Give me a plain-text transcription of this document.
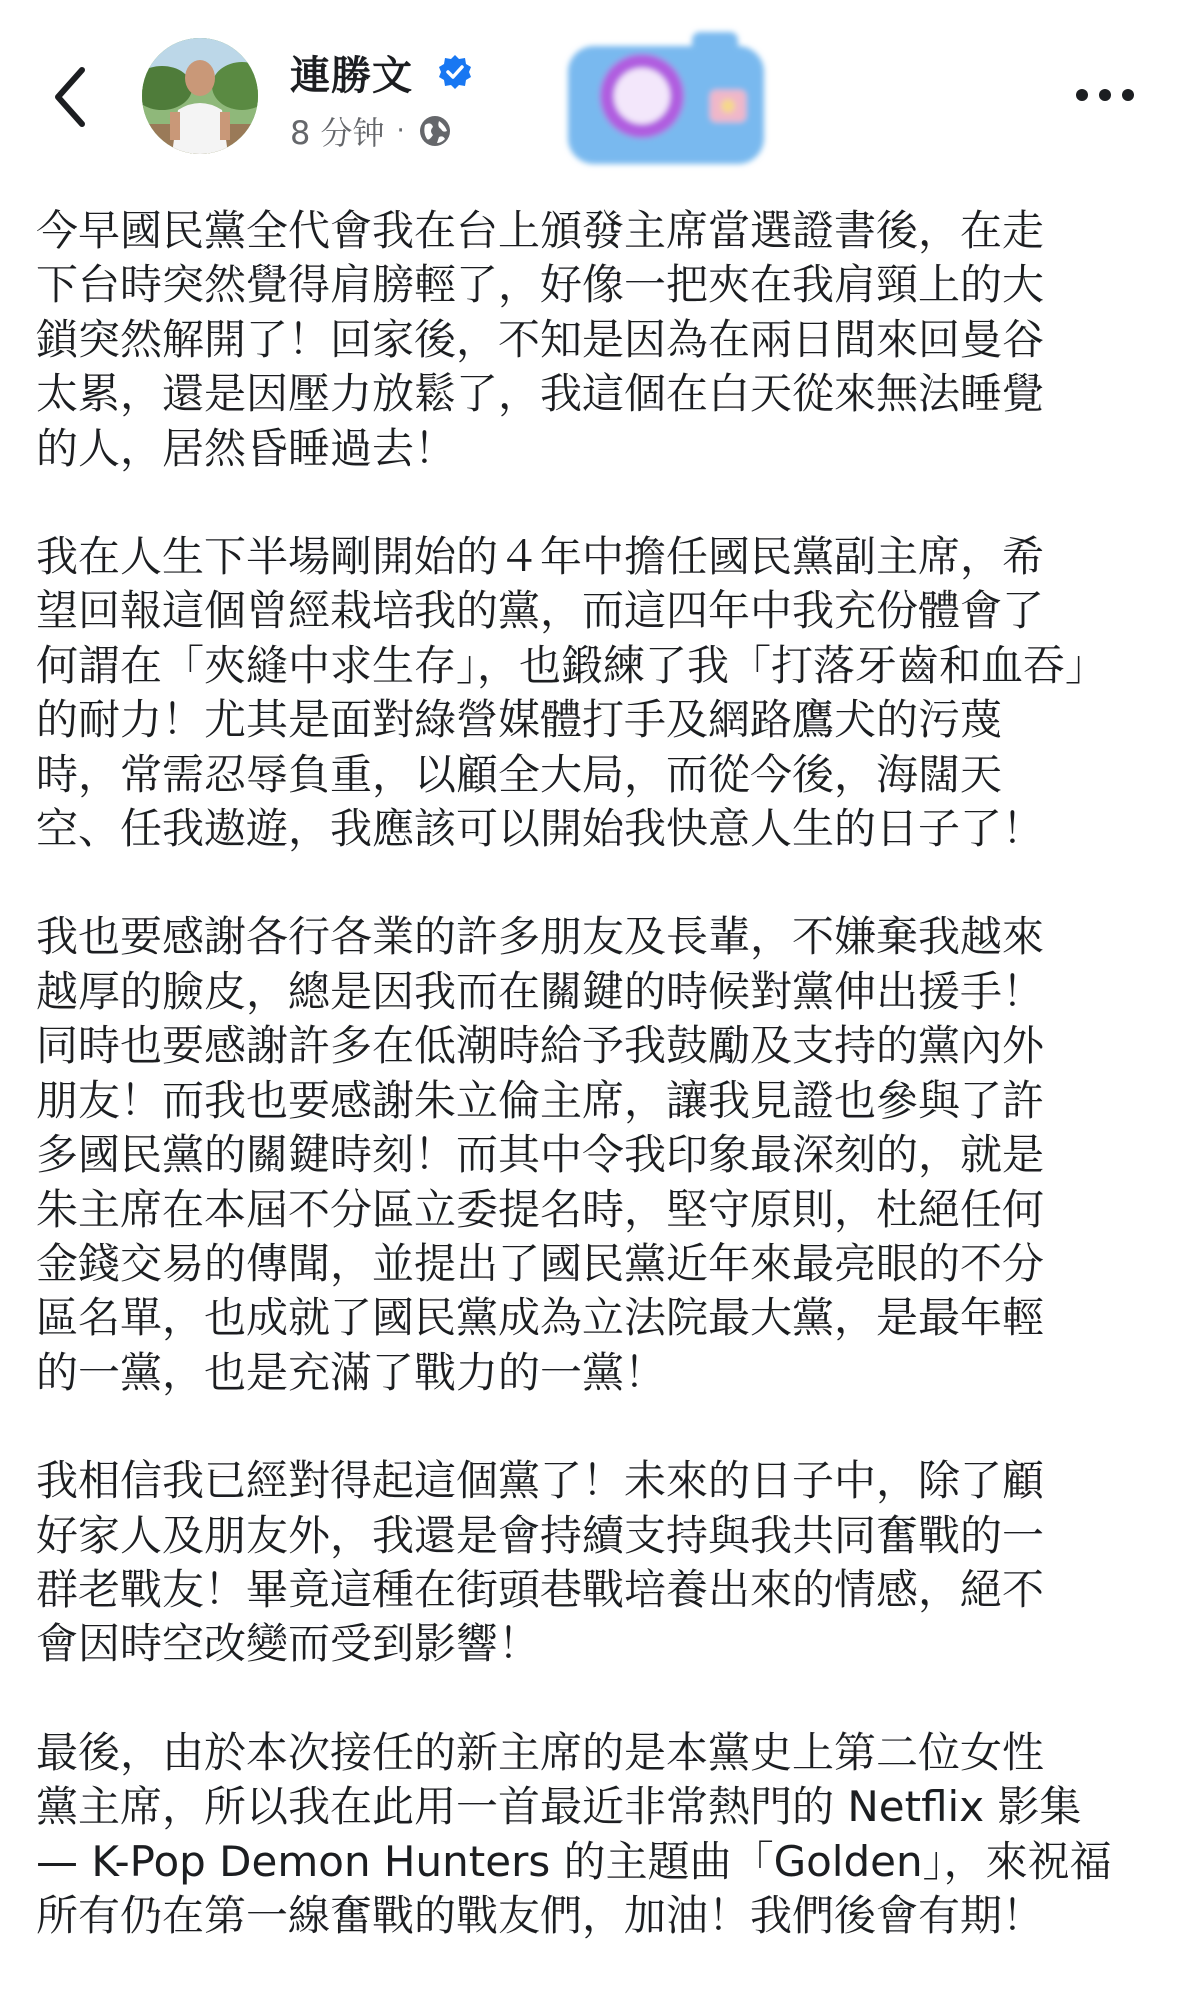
連勝文
8 分钟 ·
今早國民黨全代會我在台上頒發主席當選證書後，在走
下台時突然覺得肩膀輕了，好像一把夾在我肩頸上的大
鎖突然解開了！回家後，不知是因為在兩日間來回曼谷
太累，還是因壓力放鬆了，我這個在白天從來無法睡覺
的人，居然昏睡過去！
我在人生下半場剛開始的４年中擔任國民黨副主席，希
望回報這個曾經栽培我的黨，而這四年中我充份體會了
何謂在「夾縫中求生存」，也鍛練了我「打落牙齒和血吞」
的耐力！尤其是面對綠營媒體打手及網路鷹犬的污蔑
時，常需忍辱負重，以顧全大局，而從今後，海闊天
空、任我遨遊，我應該可以開始我快意人生的日子了！
我也要感謝各行各業的許多朋友及長輩，不嫌棄我越來
越厚的臉皮，總是因我而在關鍵的時候對黨伸出援手！
同時也要感謝許多在低潮時給予我鼓勵及支持的黨內外
朋友！而我也要感謝朱立倫主席，讓我見證也參與了許
多國民黨的關鍵時刻！而其中令我印象最深刻的，就是
朱主席在本屆不分區立委提名時，堅守原則，杜絕任何
金錢交易的傳聞，並提出了國民黨近年來最亮眼的不分
區名單，也成就了國民黨成為立法院最大黨，是最年輕
的一黨，也是充滿了戰力的一黨！
我相信我已經對得起這個黨了！未來的日子中，除了顧
好家人及朋友外，我還是會持續支持與我共同奮戰的一
群老戰友！畢竟這種在街頭巷戰培養出來的情感，絕不
會因時空改變而受到影響！
最後，由於本次接任的新主席的是本黨史上第二位女性
黨主席，所以我在此用一首最近非常熱門的 Netflix 影集
— K-Pop Demon Hunters 的主題曲「Golden」，來祝福
所有仍在第一線奮戰的戰友們，加油！我們後會有期！
